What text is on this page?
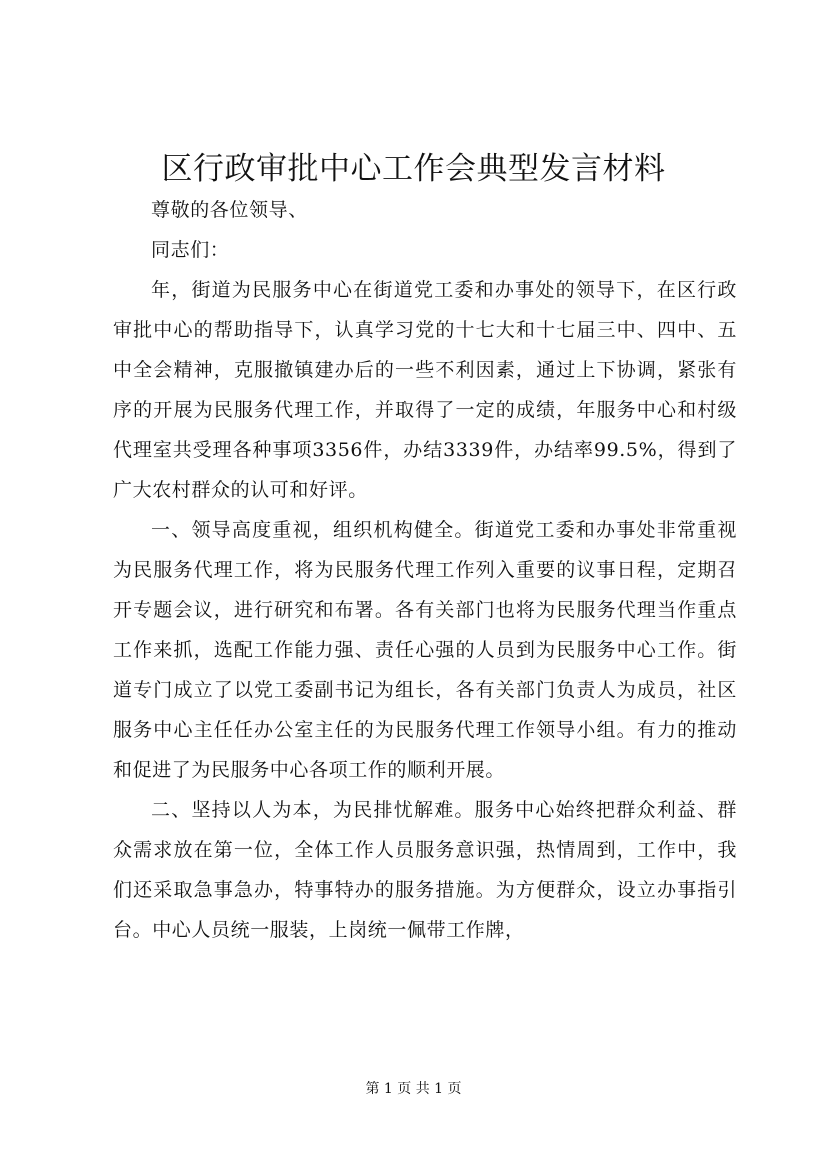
区行政审批中心工作会典型发言材料

尊敬的各位领导、

同志们：

年，街道为民服务中心在街道党工委和办事处的领导下，在区行政审批中心的帮助指导下，认真学习党的十七大和十七届三中、四中、五中全会精神，克服撤镇建办后的一些不利因素，通过上下协调，紧张有序的开展为民服务代理工作，并取得了一定的成绩，年服务中心和村级代理室共受理各种事项3356件，办结3339件，办结率99.5%，得到了广大农村群众的认可和好评。

一、领导高度重视，组织机构健全。街道党工委和办事处非常重视为民服务代理工作，将为民服务代理工作列入重要的议事日程，定期召开专题会议，进行研究和布署。各有关部门也将为民服务代理当作重点工作来抓，选配工作能力强、责任心强的人员到为民服务中心工作。街道专门成立了以党工委副书记为组长，各有关部门负责人为成员，社区服务中心主任任办公室主任的为民服务代理工作领导小组。有力的推动和促进了为民服务中心各项工作的顺利开展。

二、坚持以人为本，为民排忧解难。服务中心始终把群众利益、群众需求放在第一位，全体工作人员服务意识强，热情周到，工作中，我们还采取急事急办，特事特办的服务措施。为方便群众，设立办事指引台。中心人员统一服装，上岗统一佩带工作牌，

第 1 页 共 1 页
